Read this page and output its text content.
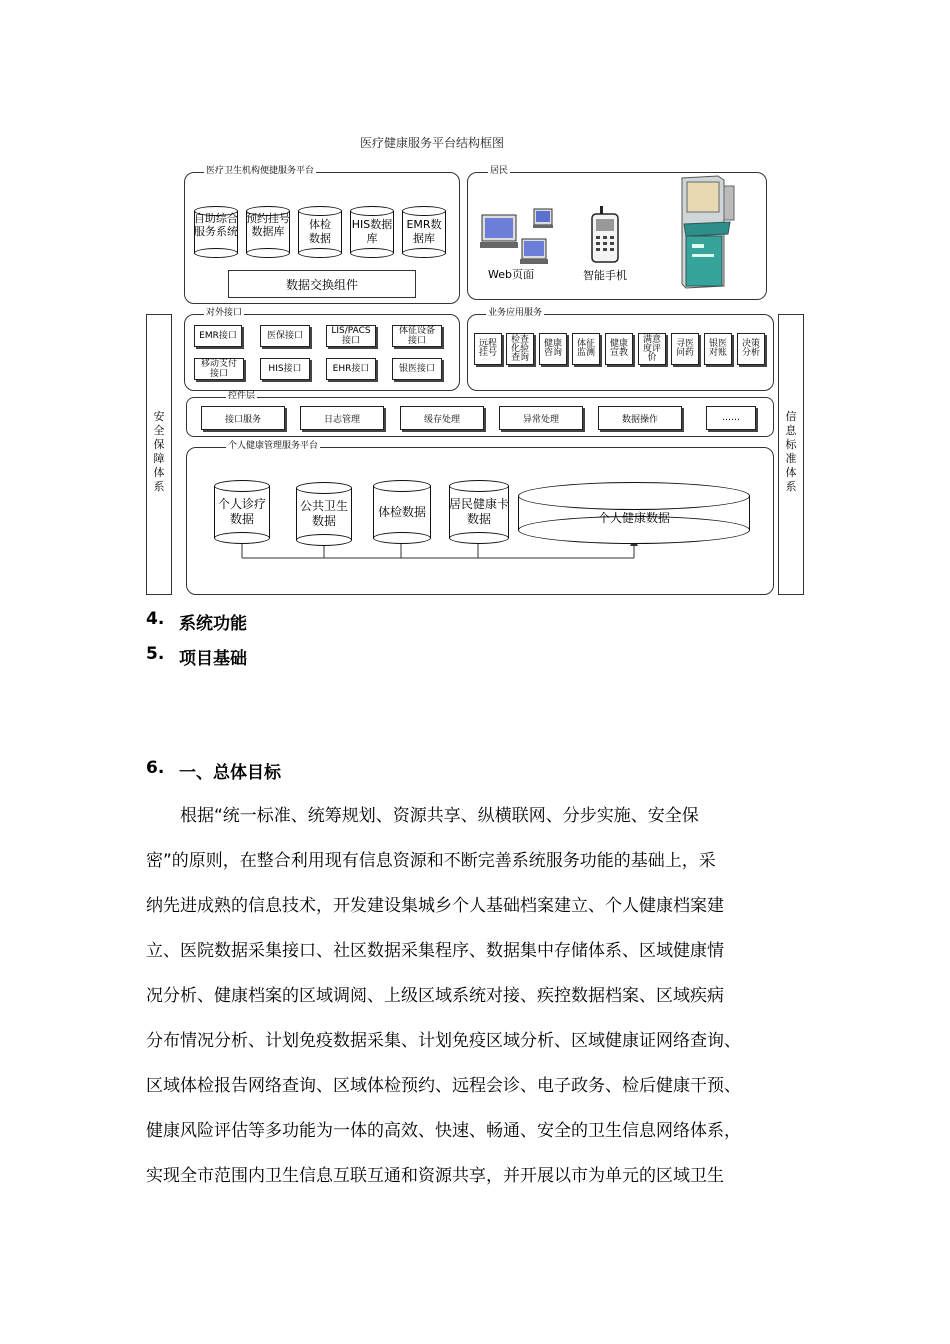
医疗健康服务平台结构框图
医疗卫生机构便捷服务平台
自助综合服务系统
预约挂号数据库
体检数据
HIS数据库
EMR数据库
数据交换组件
居民
Web页面	智能手机
对外接口
EMR接口	医保接口	LIS/PACS接口
体征设备接口
移动支付接口	HIS接口	EHR接口	银医接口
业务应用服务
远程挂号
检查化验查询
健康咨询
体征监测
健康宣教
满意度评价
寻医问药
银医对账
决策分析
安全保障体系
信息标准体系
控件层
接口服务	日志管理	缓存处理	异常处理	数据操作	……
个人健康管理服务平台
个人诊疗数据
公共卫生数据
体检数据
居民健康卡数据	个人健康数据
4. 系统功能
5. 项目基础
6. 一、总体目标
根据“统一标准、统筹规划、资源共享、纵横联网、分步实施、安全保
密”的原则，在整合利用现有信息资源和不断完善系统服务功能的基础上，采
纳先进成熟的信息技术，开发建设集城乡个人基础档案建立、个人健康档案建
立、医院数据采集接口、社区数据采集程序、数据集中存储体系、区域健康情
况分析、健康档案的区域调阅、上级区域系统对接、疾控数据档案、区域疾病
分布情况分析、计划免疫数据采集、计划免疫区域分析、区域健康证网络查询、
区域体检报告网络查询、区域体检预约、远程会诊、电子政务、检后健康干预、
健康风险评估等多功能为一体的高效、快速、畅通、安全的卫生信息网络体系，
实现全市范围内卫生信息互联互通和资源共享，并开展以市为单元的区域卫生
